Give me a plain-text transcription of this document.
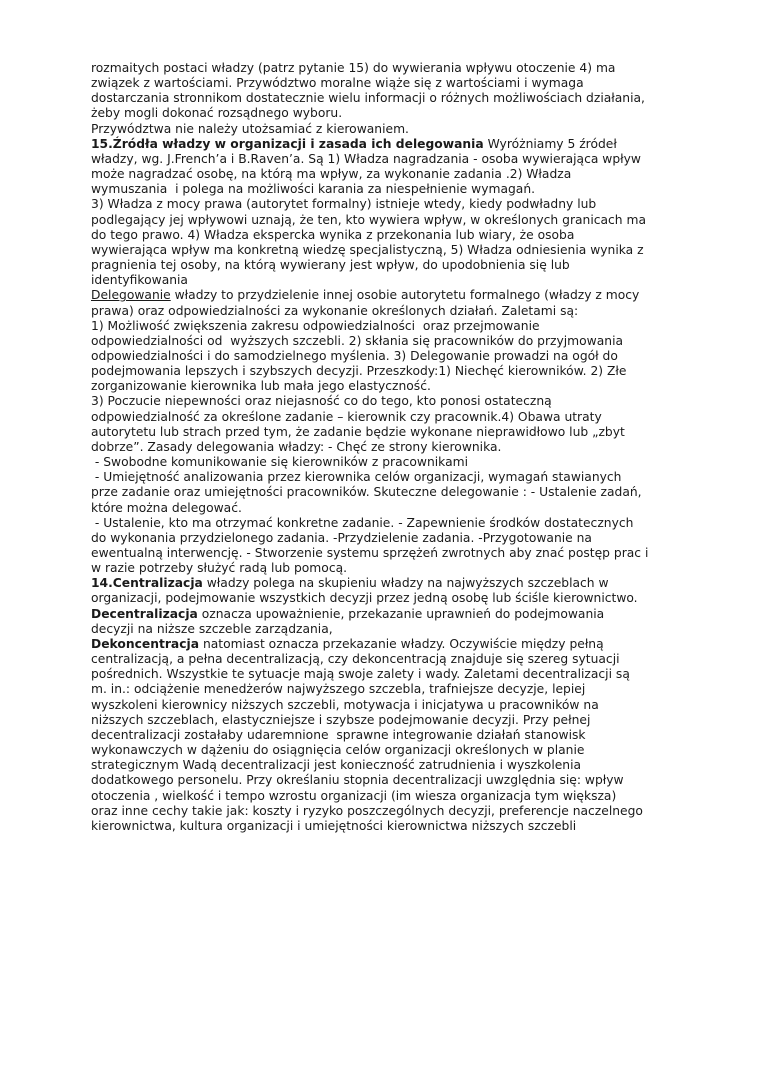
rozmaitych postaci władzy (patrz pytanie 15) do wywierania wpływu otoczenie 4) ma
związek z wartościami. Przywództwo moralne wiąże się z wartościami i wymaga
dostarczania stronnikom dostatecznie wielu informacji o różnych możliwościach działania,
żeby mogli dokonać rozsądnego wyboru.
Przywództwa nie należy utożsamiać z kierowaniem.
15.Źródła władzy w organizacji i zasada ich delegowania Wyróżniamy 5 źródeł
władzy, wg. J.French’a i B.Raven’a. Są 1) Władza nagradzania - osoba wywierająca wpływ
może nagradzać osobę, na którą ma wpływ, za wykonanie zadania .2) Władza
wymuszania  i polega na możliwości karania za niespełnienie wymagań.
3) Władza z mocy prawa (autorytet formalny) istnieje wtedy, kiedy podwładny lub
podlegający jej wpływowi uznają, że ten, kto wywiera wpływ, w określonych granicach ma
do tego prawo. 4) Władza ekspercka wynika z przekonania lub wiary, że osoba
wywierająca wpływ ma konkretną wiedzę specjalistyczną, 5) Władza odniesienia wynika z
pragnienia tej osoby, na którą wywierany jest wpływ, do upodobnienia się lub
identyfikowania
Delegowanie władzy to przydzielenie innej osobie autorytetu formalnego (władzy z mocy
prawa) oraz odpowiedzialności za wykonanie określonych działań. Zaletami są:
1) Możliwość zwiększenia zakresu odpowiedzialności  oraz przejmowanie
odpowiedzialności od  wyższych szczebli. 2) skłania się pracowników do przyjmowania
odpowiedzialności i do samodzielnego myślenia. 3) Delegowanie prowadzi na ogół do
podejmowania lepszych i szybszych decyzji. Przeszkody:1) Niechęć kierowników. 2) Złe
zorganizowanie kierownika lub mała jego elastyczność.
3) Poczucie niepewności oraz niejasność co do tego, kto ponosi ostateczną
odpowiedzialność za określone zadanie – kierownik czy pracownik.4) Obawa utraty
autorytetu lub strach przed tym, że zadanie będzie wykonane nieprawidłowo lub „zbyt
dobrze”. Zasady delegowania władzy: - Chęć ze strony kierownika.
- Swobodne komunikowanie się kierowników z pracownikami
- Umiejętność analizowania przez kierownika celów organizacji, wymagań stawianych
prze zadanie oraz umiejętności pracowników. Skuteczne delegowanie : - Ustalenie zadań,
które można delegować.
- Ustalenie, kto ma otrzymać konkretne zadanie. - Zapewnienie środków dostatecznych
do wykonania przydzielonego zadania. -Przydzielenie zadania. -Przygotowanie na
ewentualną interwencję. - Stworzenie systemu sprzężeń zwrotnych aby znać postęp prac i
w razie potrzeby służyć radą lub pomocą.
14.Centralizacja władzy polega na skupieniu władzy na najwyższych szczeblach w
organizacji, podejmowanie wszystkich decyzji przez jedną osobę lub ściśle kierownictwo.
Decentralizacja oznacza upoważnienie, przekazanie uprawnień do podejmowania
decyzji na niższe szczeble zarządzania,
Dekoncentracja natomiast oznacza przekazanie władzy. Oczywiście między pełną
centralizacją, a pełna decentralizacją, czy dekoncentracją znajduje się szereg sytuacji
pośrednich. Wszystkie te sytuacje mają swoje zalety i wady. Zaletami decentralizacji są
m. in.: odciążenie menedżerów najwyższego szczebla, trafniejsze decyzje, lepiej
wyszkoleni kierownicy niższych szczebli, motywacja i inicjatywa u pracowników na
niższych szczeblach, elastyczniejsze i szybsze podejmowanie decyzji. Przy pełnej
decentralizacji zostałaby udaremnione  sprawne integrowanie działań stanowisk
wykonawczych w dążeniu do osiągnięcia celów organizacji określonych w planie
strategicznym Wadą decentralizacji jest konieczność zatrudnienia i wyszkolenia
dodatkowego personelu. Przy określaniu stopnia decentralizacji uwzględnia się: wpływ
otoczenia , wielkość i tempo wzrostu organizacji (im wiesza organizacja tym większa)
oraz inne cechy takie jak: koszty i ryzyko poszczególnych decyzji, preferencje naczelnego
kierownictwa, kultura organizacji i umiejętności kierownictwa niższych szczebli
